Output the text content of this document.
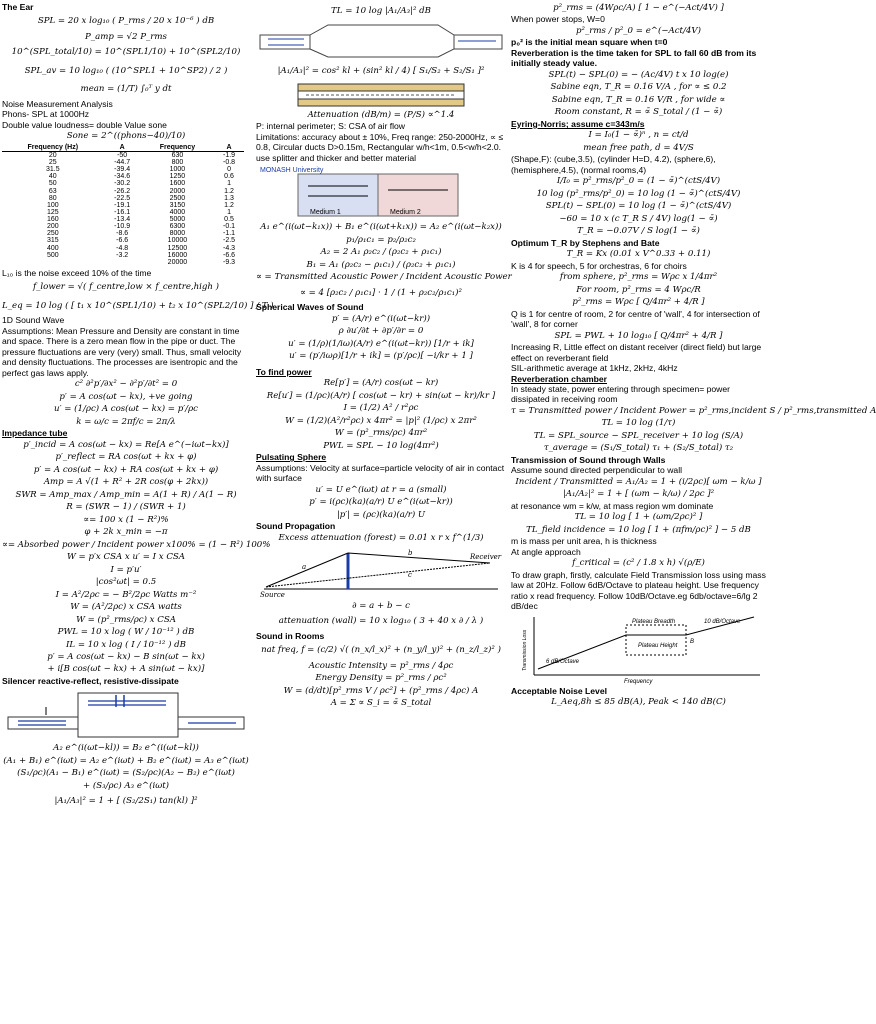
The Ear
SPL = 20 x log₁₀ ( P_rms / 20 x 10⁻⁶ ) dB
P_amp = √2 P_rms
10^(SPL_total/10) = 10^(SPL1/10) + 10^(SPL2/10)
SPL_av = 10 log₁₀ ( (10^SPL1 + 10^SP2) / 2 )
mean = (1/T) ∫₀ᵀ y dt
Noise Measurement Analysis
Phons- SPL at 1000Hz
Double value loudness= double Value sone
Sone = 2^((phons−40)/10)
Frequency (Hz)	A	Frequency	A
20	-50	630	-1.9
25	-44.7	800	-0.8
31.5	-39.4	1000	0
40	-34.6	1250	0.6
50	-30.2	1600	1
63	-26.2	2000	1.2
80	-22.5	2500	1.3
100	-19.1	3150	1.2
125	-16.1	4000	1
160	-13.4	5000	0.5
200	-10.9	6300	-0.1
250	-8.6	8000	-1.1
315	-6.6	10000	-2.5
400	-4.8	12500	-4.3
500	-3.2	16000	-6.6
		20000	-9.3
L₁₀ is the noise exceed 10% of the time
f_lower = √( f_centre,low × f_centre,high )
L_eq = 10 log ( [ t₁ x 10^(SPL1/10) + t₂ x 10^(SPL2/10) ] / T )
1D Sound Wave
Assumptions: Mean Pressure and Density are constant in time and space. There is a zero mean flow in the pipe or duct. The pressure fluctuations are very (very) small. Thus, small velocity and density fluctuations. The processes are isentropic and the perfect gas laws apply.
c² ∂²p′/∂x² − ∂²p′/∂t² = 0
p′ = A cos(ωt − kx), +ve going
u′ = (1/ρc) A cos(ωt − kx) = p′/ρc
k = ω/c = 2πf/c = 2π/λ
Impedance tube
p′_incid = A cos(ωt − kx) = Re[A e^(−iωt−kx)]
p′_reflect = RA cos(ωt + kx + φ)
p′ = A cos(ωt − kx) + RA cos(ωt + kx + φ)
Amp = A √(1 + R² + 2R cos(φ + 2kx))
SWR = Amp_max / Amp_min = A(1 + R) / A(1 − R)
R = (SWR − 1) / (SWR + 1)
∝= 100 x (1 − R²)%
φ + 2k x_min = −π
∝= Absorbed power / Incident power x100% = (1 − R²) 100%
W = p′x CSA x u′ = I x CSA
I = p′u′
|cos²ωt| = 0.5
I = A²/2ρc = − B²/2ρc Watts m⁻²
W = (A²/2ρc) x CSA watts
W = (p²_rms/ρc) x CSA
PWL = 10 x log ( W / 10⁻¹² ) dB
IL = 10 x log ( I / 10⁻¹² ) dB
p′ = A cos(ωt − kx) − B sin(ωt − kx)
+ i[B cos(ωt − kx) + A sin(ωt − kx)]
Silencer reactive-reflect, resistive-dissipate
A₂ e^(i(ωt−kl)) = B₂ e^(i(ωt−kl))
(A₁ + B₁) e^(iωt) = A₂ e^(iωt) + B₂ e^(iωt) = A₃ e^(iωt)
(S₁/ρc)(A₁ − B₁) e^(iωt) = (S₂/ρc)(A₂ − B₂) e^(iωt)
+ (S₃/ρc) A₃ e^(iωt)
|A₁/A₃|² = 1 + [ (S₂/2S₁) tan(kl) ]²
TL = 10 log |A₁/A₃|² dB
|A₁/A₃|² = cos² kl + (sin² kl / 4) [ S₁/S₂ + S₂/S₁ ]²
Attenuation (dB/m) = (P/S) ∝^1.4
P: internal perimeter; S: CSA of air flow
Limitations: accuracy about ± 10%, Freq range: 250-2000Hz, ∝ ≤ 0.8, Circular ducts D>0.15m, Rectangular w/h<1m, 0.5<w/h<2.0. use splitter and thicker and better material
MONASH University
Medium 1	Medium 2
A₁ e^(i(ωt−k₁x)) + B₁ e^(i(ωt+k₁x)) = A₂ e^(i(ωt−k₂x))
p₁/ρ₁c₁ = p₂/ρ₂c₂
A₂ = 2 A₁ ρ₂c₂ / (ρ₂c₂ + ρ₁c₁)
B₁ = A₁ (ρ₂c₂ − ρ₁c₁) / (ρ₂c₂ + ρ₁c₁)
∝ = Transmitted Acoustic Power / Incident Acoustic Power
∝ = 4 [ρ₂c₂ / ρ₁c₁] · 1 / (1 + ρ₂c₂/ρ₁c₁)²
Spherical Waves of Sound
p′ = (A/r) e^(i(ωt−kr))
ρ ∂u′/∂t + ∂p′/∂r = 0
u′ = (1/ρ)(1/iω)(A/r) e^(i(ωt−kr)) [1/r + ik]
u′ = (p′/iωρ)[1/r + ik] = (p′/ρc)[ −i/kr + 1 ]
To find power
Re[p′] = (A/r) cos(ωt − kr)
Re[u′] = (1/ρc)(A/r) [ cos(ωt − kr) + sin(ωt − kr)/kr ]
I = (1/2) A² / r²ρc
W = (1/2)(A²/r²ρc) x 4πr² = |p|² (1/ρc) x 2πr²
W = (p²_rms/ρc) 4πr²
PWL = SPL − 10 log(4πr²)
Pulsating Sphere
Assumptions: Velocity at surface=particle velocity of air in contact with surface
u′ = U e^(iωt) at r = a (small)
p′ = i(ρc)(ka)(a/r) U e^(i(ωt−kr))
|p′| = (ρc)(ka)(a/r) U
Sound Propagation
Excess attenuation (forest) = 0.01 x r x f^(1/3)
a
b
c
Source
Receiver
∂ = a + b − c
attenuation (wall) = 10 x log₁₀ ( 3 + 40 x ∂ / λ )
Sound in Rooms
nat freq, f = (c/2) √( (n_x/l_x)² + (n_y/l_y)² + (n_z/l_z)² )
Acoustic Intensity = p²_rms / 4ρc
Energy Density = p²_rms / ρc²
W = (d/dt)[p²_rms V / ρc²] + (p²_rms / 4ρc) A
A = Σ ∝ S_i = ∝̄ S_total
p²_rms = (4Wρc/A) [ 1 − e^(−Act/4V) ]
When power stops, W=0
p²_rms / p²_0 = e^(−Act/4V)
p₀² is the initial mean square when t=0
Reverberation is the time taken for SPL to fall 60 dB from its initially steady value.
SPL(t) − SPL(0) = − (Ac/4V) t x 10 log(e)
Sabine eqn, T_R = 0.16 V/A , for ∝ ≤ 0.2
Sabine eqn, T_R = 0.16 V/R , for wide ∝
Room constant, R = ∝̄ S_total / (1 − ∝̄)
Eyring-Norris; assume c=343m/s
I = I₀(1 − ∝̄)ⁿ , n = ct/d
mean free path, d = 4V/S
(Shape,F): (cube,3.5), (cylinder H=D, 4.2), (sphere,6), (hemisphere,4.5), (normal rooms,4)
I/I₀ = p²_rms/p²_0 = (1 − ∝̄)^(ctS/4V)
10 log (p²_rms/p²_0) = 10 log (1 − ∝̄)^(ctS/4V)
SPL(t) − SPL(0) = 10 log (1 − ∝̄)^(ctS/4V)
−60 = 10 x (c T_R S / 4V) log(1 − ∝̄)
T_R = −0.07V / S log(1 − ∝̄)
Optimum T_R by Stephens and Bate
T_R = Kx (0.01 x V^0.33 + 0.11)
K is 4 for speech, 5 for orchestras, 6 for choirs
from sphere, p²_rms = Wρc x 1/4πr²
For room, p²_rms = 4 Wρc/R
p²_rms = Wρc [ Q/4πr² + 4/R ]
Q is 1 for centre of room, 2 for centre of 'wall', 4 for intersection of 'wall', 8 for corner
SPL = PWL + 10 log₁₀ [ Q/4πr² + 4/R ]
Increasing R, Little effect on distant receiver (direct field) but large effect on reverberant field
SIL-arithmetic average at 1kHz, 2kHz, 4kHz
Reverberation chamber
In steady state, power entering through specimen= power dissipated in receiving room
τ = Transmitted power / Incident Power = p²_rms,incident S / p²_rms,transmitted A
TL = 10 log (1/τ)
TL = SPL_source − SPL_receiver + 10 log (S/A)
τ_average = (S₁/S_total) τ₁ + (S₂/S_total) τ₂
Transmission of Sound through Walls
Assume sound directed perpendicular to wall
Incident / Transmitted = A₁/A₂ = 1 + (i/2ρc)[ ωm − k/ω ]
|A₁/A₂|² = 1 + [ (ωm − k/ω) / 2ρc ]²
at resonance wm = k/w, at mass region wm dominate
TL = 10 log [ 1 + (ωm/2ρc)² ]
TL_field incidence = 10 log [ 1 + (πfm/ρc)² ] − 5 dB
m is mass per unit area, h is thickness
At angle approach
f_critical = (c² / 1.8 x h) √(ρ/E)
To draw graph, firstly, calculate Field Transmission loss using mass law at 20Hz. Follow 6dB/Octave to plateau height. Use frequency ratio x read frequency. Follow 10dB/Octave.eg 6db/octave=6/lg 2 dB/dec
Plateau Breadth
Plateau Height
6 dB/Octave
10 dB/Octave
B
Frequency
Transmission Loss
Acceptable Noise Level
L_Aeq,8h ≤ 85 dB(A), Peak < 140 dB(C)
